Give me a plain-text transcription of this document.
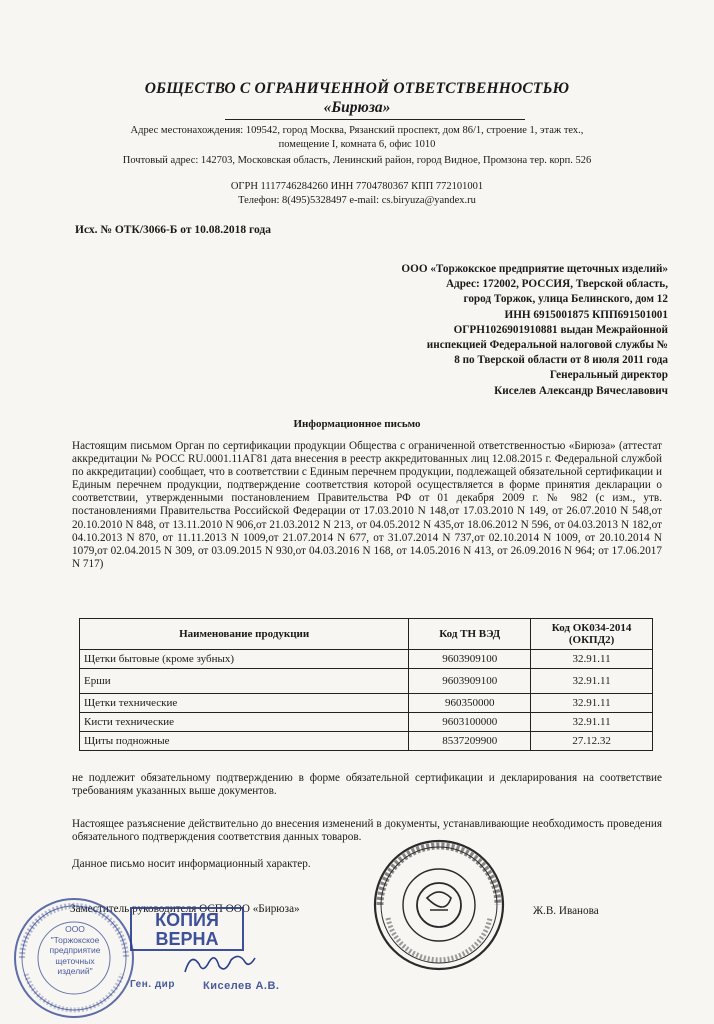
ОБЩЕСТВО С ОГРАНИЧЕННОЙ ОТВЕТСТВЕННОСТЬЮ
«Бирюза»
Адрес местонахождения: 109542, город Москва, Рязанский проспект, дом 86/1, строение 1, этаж тех.,
помещение I, комната 6, офис 1010
Почтовый адрес: 142703, Московская область, Ленинский район, город Видное, Промзона тер. корп. 526
ОГРН 1117746284260 ИНН 7704780367 КПП 772101001
Телефон: 8(495)5328497 e-mail: cs.biryuza@yandex.ru
Исх. № ОТК/3066-Б от 10.08.2018 года
ООО «Торжокское предприятие щеточных изделий»
Адрес: 172002, РОССИЯ, Тверской область,
город Торжок, улица Белинского, дом 12
ИНН 6915001875 КПП691501001
ОГРН1026901910881 выдан Межрайонной
инспекцией Федеральной налоговой службы №
8 по Тверской области от 8 июля 2011 года
Генеральный директор
Киселев Александр Вячеславович
Информационное письмо
Настоящим письмом Орган по сертификации продукции Общества с ограниченной ответственностью «Бирюза» (аттестат аккредитации № РОСС RU.0001.11АГ81 дата внесения в реестр аккредитованных лиц 12.08.2015 г. Федеральной службой по аккредитации) сообщает, что в соответствии с Единым перечнем продукции, подлежащей обязательной сертификации и Единым перечнем продукции, подтверждение соответствия которой осуществляется в форме принятия декларации о соответствии, утвержденными постановлением Правительства РФ от 01 декабря 2009 г. № 982 (с изм., утв. постановлениями Правительства Российской Федерации от 17.03.2010 N 148,от 17.03.2010 N 149, от 26.07.2010 N 548,от 20.10.2010 N 848, от 13.11.2010 N 906,от 21.03.2012 N 213, от 04.05.2012 N 435,от 18.06.2012 N 596, от 04.03.2013 N 182,от 04.10.2013 N 870, от 11.11.2013 N 1009,от 21.07.2014 N 677, от 31.07.2014 N 737,от 02.10.2014 N 1009, от 20.10.2014 N 1079,от 02.04.2015 N 309, от 03.09.2015 N 930,от 04.03.2016 N 168, от 14.05.2016 N 413, от 26.09.2016 N 964; от 17.06.2017 N 717)
Наименование продукции	Код ТН ВЭД	Код ОК034-2014 (ОКПД2)
Щетки бытовые (кроме зубных)	9603909100	32.91.11
Ерши	9603909100	32.91.11
Щетки технические	960350000	32.91.11
Кисти технические	9603100000	32.91.11
Щиты подножные	8537209900	27.12.32
не подлежит обязательному подтверждению в форме обязательной сертификации и декларирования на соответствие требованиям указанных выше документов.
Настоящее разъяснение действительно до внесения изменений в документы, устанавливающие необходимость проведения обязательного подтверждения соответствия данных товаров.
Данное письмо носит информационный характер.
Заместитель руководителя ОСП ООО «Бирюза»	Ж.В. Иванова
ООО
"Торжокское
предприятие
щеточных
изделий"
КОПИЯ
ВЕРНА
Ген. дир	Киселев А.В.
